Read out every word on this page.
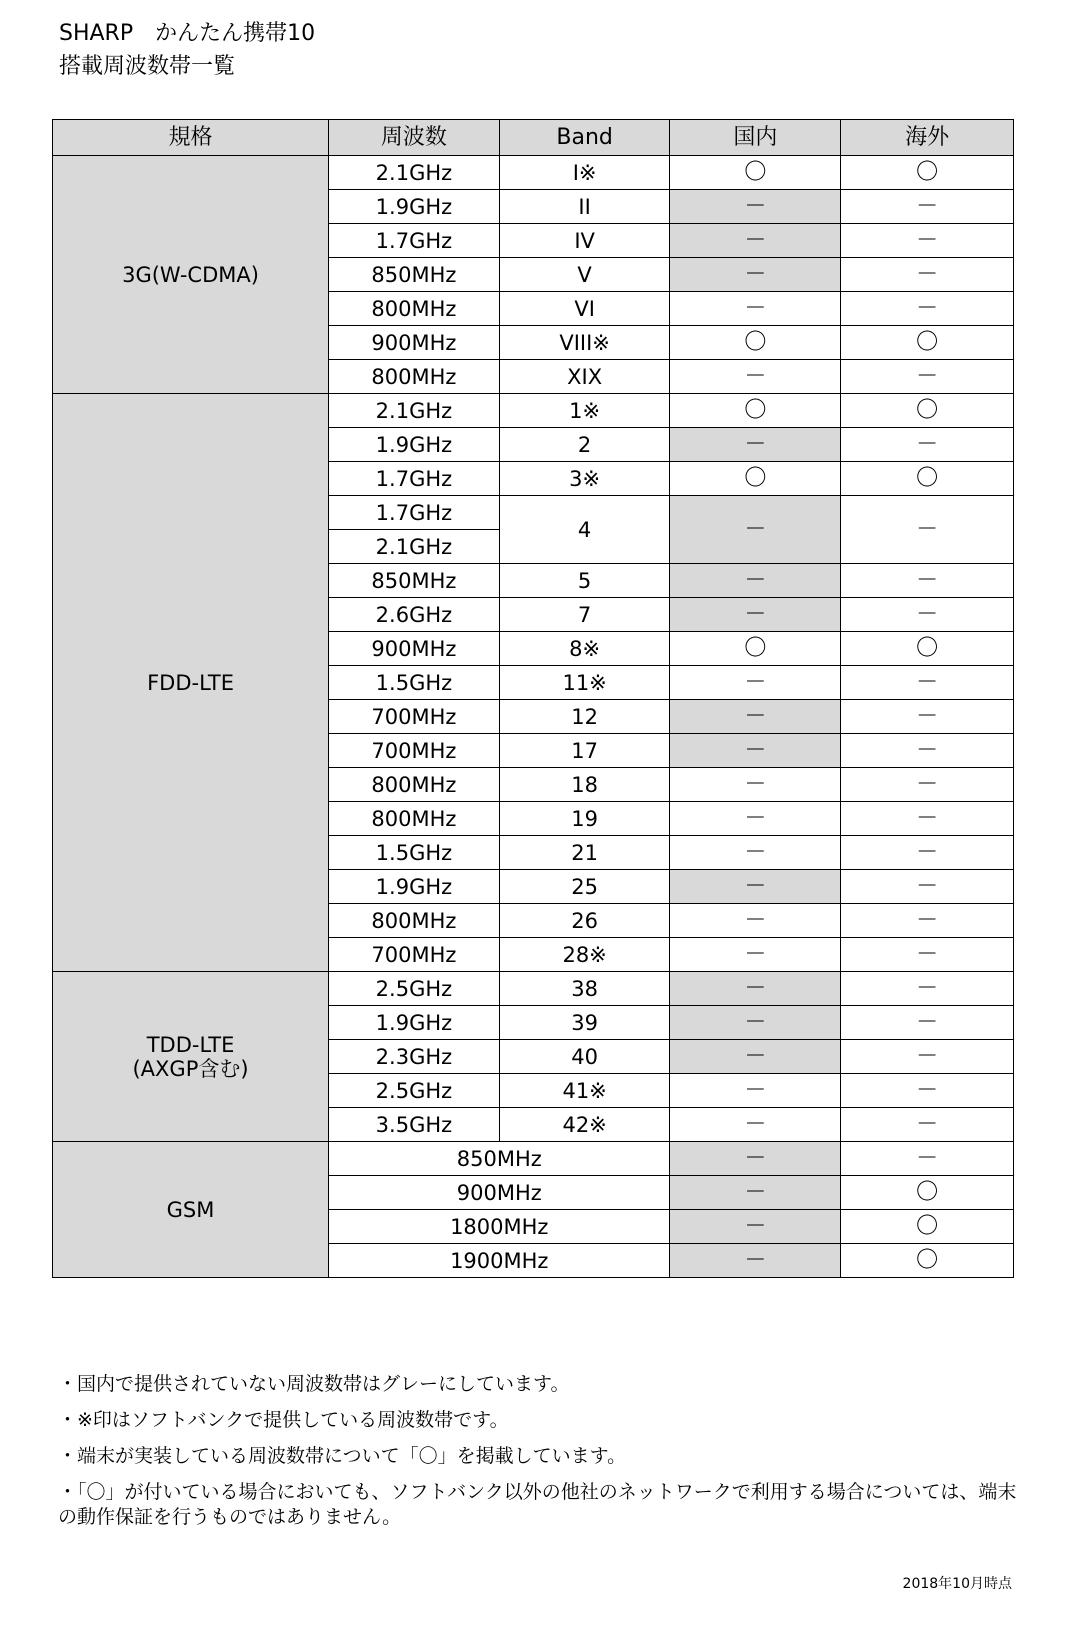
SHARP　かんたん携帯10
搭載周波数帯一覧
規格	周波数	Band	国内	海外

3G(W-CDMA)	2.1GHz	I※	〇	〇
	1.9GHz	II	－	－
	1.7GHz	IV	－	－
	850MHz	V	－	－
	800MHz	VI	－	－
	900MHz	VIII※	〇	〇
	800MHz	XIX	－	－

FDD-LTE	2.1GHz	1※	〇	〇
	1.9GHz	2	－	－
	1.7GHz	3※	〇	〇
	1.7GHz	4	－	－
	2.1GHz			
	850MHz	5	－	－
	2.6GHz	7	－	－
	900MHz	8※	〇	〇
	1.5GHz	11※	－	－
	700MHz	12	－	－
	700MHz	17	－	－
	800MHz	18	－	－
	800MHz	19	－	－
	1.5GHz	21	－	－
	1.9GHz	25	－	－
	800MHz	26	－	－
	700MHz	28※	－	－

TDD-LTE
(AXGP含む)	2.5GHz	38	－	－
	1.9GHz	39	－	－
	2.3GHz	40	－	－
	2.5GHz	41※	－	－
	3.5GHz	42※	－	－

GSM	850MHz		－	－
	900MHz		－	〇
	1800MHz		－	〇
	1900MHz		－	〇
・国内で提供されていない周波数帯はグレーにしています。
・※印はソフトバンクで提供している周波数帯です。
・端末が実装している周波数帯について「〇」を掲載しています。
・「〇」が付いている場合においても、ソフトバンク以外の他社のネットワークで利用する場合については、端末の動作保証を行うものではありません。
2018年10月時点
